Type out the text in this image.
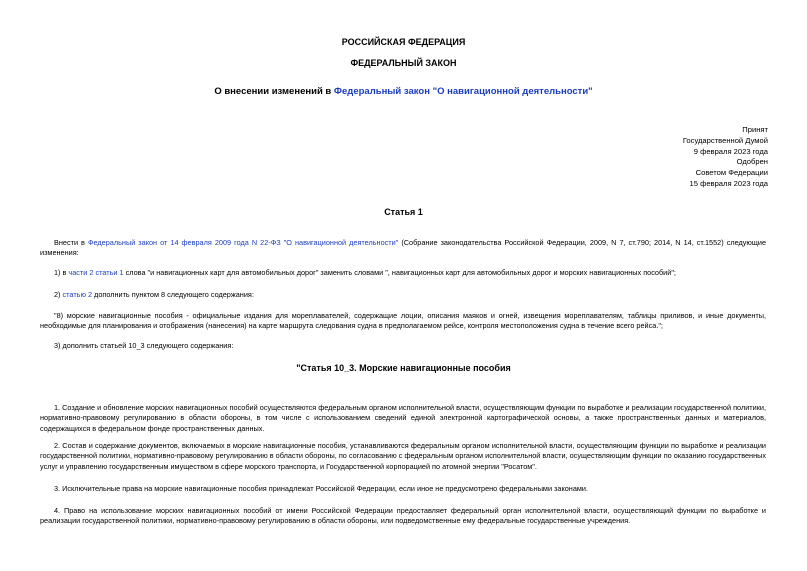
РОССИЙСКАЯ ФЕДЕРАЦИЯ
ФЕДЕРАЛЬНЫЙ ЗАКОН
О внесении изменений в Федеральный закон "О навигационной деятельности"
Принят
Государственной Думой
9 февраля 2023 года
Одобрен
Советом Федерации
15 февраля 2023 года
Статья 1
Внести в Федеральный закон от 14 февраля 2009 года N 22-ФЗ "О навигационной деятельности" (Собрание законодательства Российской Федерации, 2009, N 7, ст.790; 2014, N 14, ст.1552) следующие изменения:
1) в части 2 статьи 1 слова "и навигационных карт для автомобильных дорог" заменить словами ", навигационных карт для автомобильных дорог и морских навигационных пособий";
2) статью 2 дополнить пунктом 8 следующего содержания:
"8) морские навигационные пособия - официальные издания для мореплавателей, содержащие лоции, описания маяков и огней, извещения мореплавателям, таблицы приливов, и иные документы, необходимые для планирования и отображения (нанесения) на карте маршрута следования судна в предполагаемом рейсе, контроля местоположения судна в течение всего рейса.";
3) дополнить статьей 10_3 следующего содержания:
"Статья 10_3. Морские навигационные пособия
1. Создание и обновление морских навигационных пособий осуществляются федеральным органом исполнительной власти, осуществляющим функции по выработке и реализации государственной политики, нормативно-правовому регулированию в области обороны, в том числе с использованием сведений единой электронной картографической основы, а также пространственных данных и материалов, содержащихся в федеральном фонде пространственных данных.
2. Состав и содержание документов, включаемых в морские навигационные пособия, устанавливаются федеральным органом исполнительной власти, осуществляющим функции по выработке и реализации государственной политики, нормативно-правовому регулированию в области обороны, по согласованию с федеральным органом исполнительной власти, осуществляющим функции по оказанию государственных услуг и управлению государственным имуществом в сфере морского транспорта, и Государственной корпорацией по атомной энергии "Росатом".
3. Исключительные права на морские навигационные пособия принадлежат Российской Федерации, если иное не предусмотрено федеральными законами.
4. Право на использование морских навигационных пособий от имени Российской Федерации предоставляет федеральный орган исполнительной власти, осуществляющий функции по выработке и реализации государственной политики, нормативно-правовому регулированию в области обороны, или подведомственные ему федеральные государственные учреждения.
